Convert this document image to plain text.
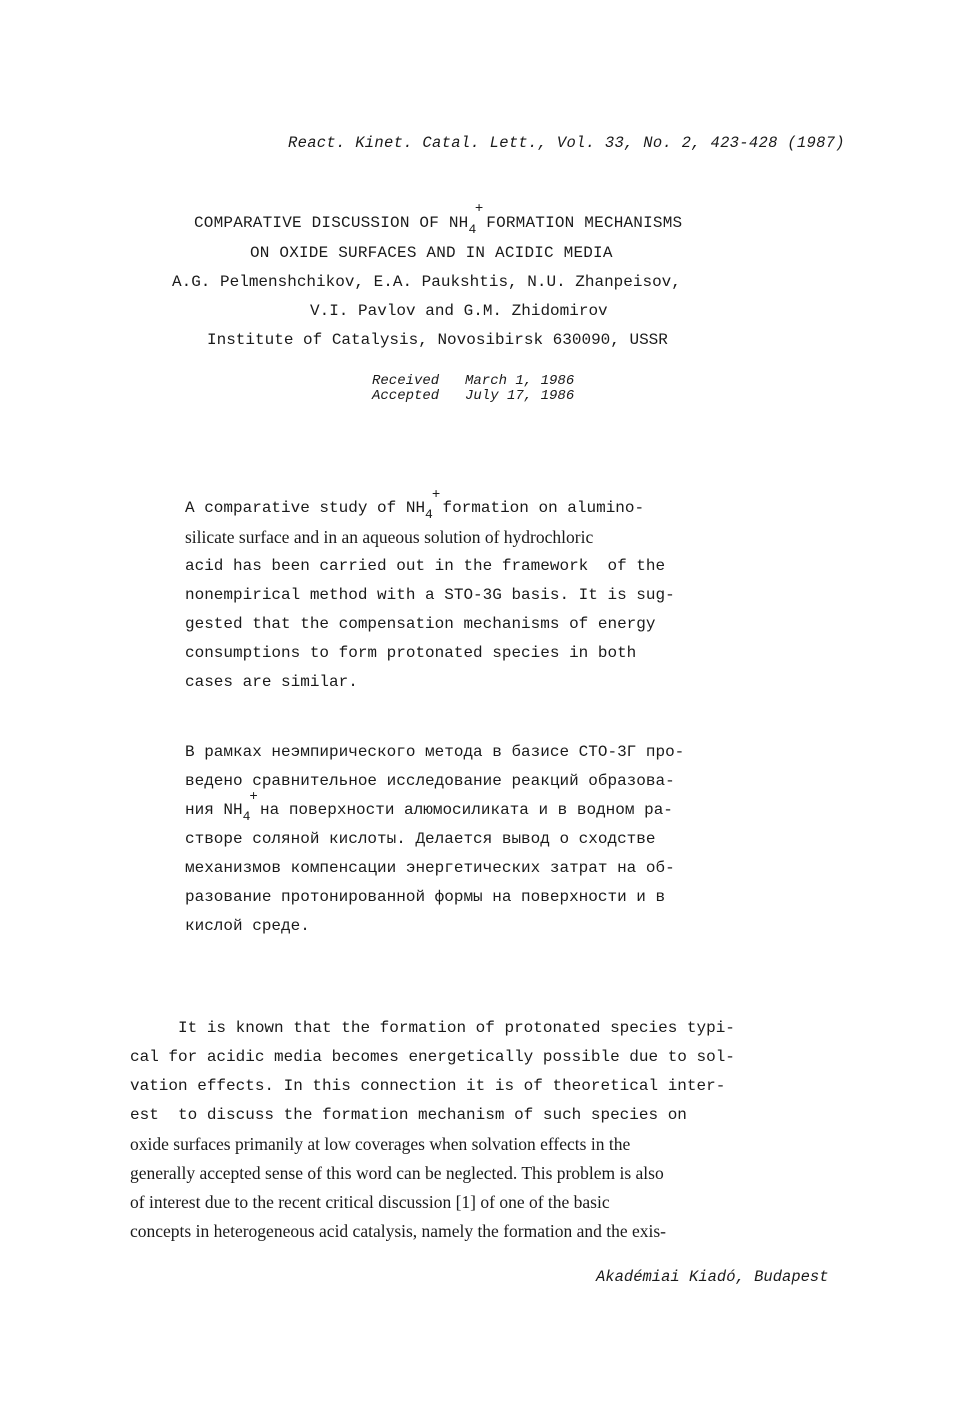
React. Kinet. Catal. Lett., Vol. 33, No. 2, 423-428 (1987)
COMPARATIVE DISCUSSION OF $NH_4$
+
FORMATION MECHANISMS
ON OXIDE SURFACES AND IN ACIDIC MEDIA
A.G. Pelmenshchikov, E.A. Paukshtis, N.U. Zhanpeisov,
V.I. Pavlov and G.M. Zhidomirov
Institute of Catalysis, Novosibirsk 630090, USSR
Received March 1, 1986
Accepted July 17, 1986
A comparative study of $NH_4$
+
formation on alumino-
silicate surface and in an aqueous solution of hydrochloric
acid has been carried out in the framework  of the
nonempirical method with a STO-3G basis. It is sug-
gested that the compensation mechanisms of energy
consumptions to form protonated species in both
cases are similar.
В рамках неэмпирического метода в базисе СТО-3Г про-
ведено сравнительное исследование реакций образова-
ния $NH_4$
+
на поверхности алюмосиликата и в водном ра-
створе соляной кислоты. Делается вывод о сходстве
механизмов компенсации энергетических затрат на об-
разование протонированной формы на поверхности и в
кислой среде.
It is known that the formation of protonated species typi-
cal for acidic media becomes energetically possible due to sol-
vation effects. In this connection it is of theoretical inter-
est  to discuss the formation mechanism of such species on
oxide surfaces primanily at low coverages when solvation effects in the
generally accepted sense of this word can be neglected. This problem is also
of interest due to the recent critical discussion [1] of one of the basic
concepts in heterogeneous acid catalysis, namely the formation and the exis-
Akadémiai Kiadó, Budapest
